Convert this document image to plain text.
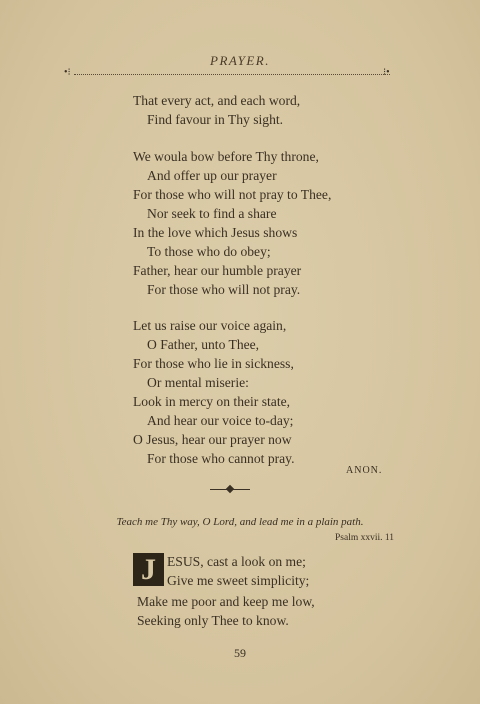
PRAYER.
•⁝	⁝•
That every act, and each word,
Find favour in Thy sight.
We woula bow before Thy throne,
And offer up our prayer
For those who will not pray to Thee,
Nor seek to find a share
In the love which Jesus shows
To those who do obey;
Father, hear our humble prayer
For those who will not pray.
Let us raise our voice again,
O Father, unto Thee,
For those who lie in sickness,
Or mental miserie:
Look in mercy on their state,
And hear our voice to-day;
O Jesus, hear our prayer now
For those who cannot pray.
ANON.
Teach me Thy way, O Lord, and lead me in a plain path.
Psalm xxvii. 11
J ESUS, cast a look on me;
Give me sweet simplicity;
Make me poor and keep me low,
Seeking only Thee to know.
59
